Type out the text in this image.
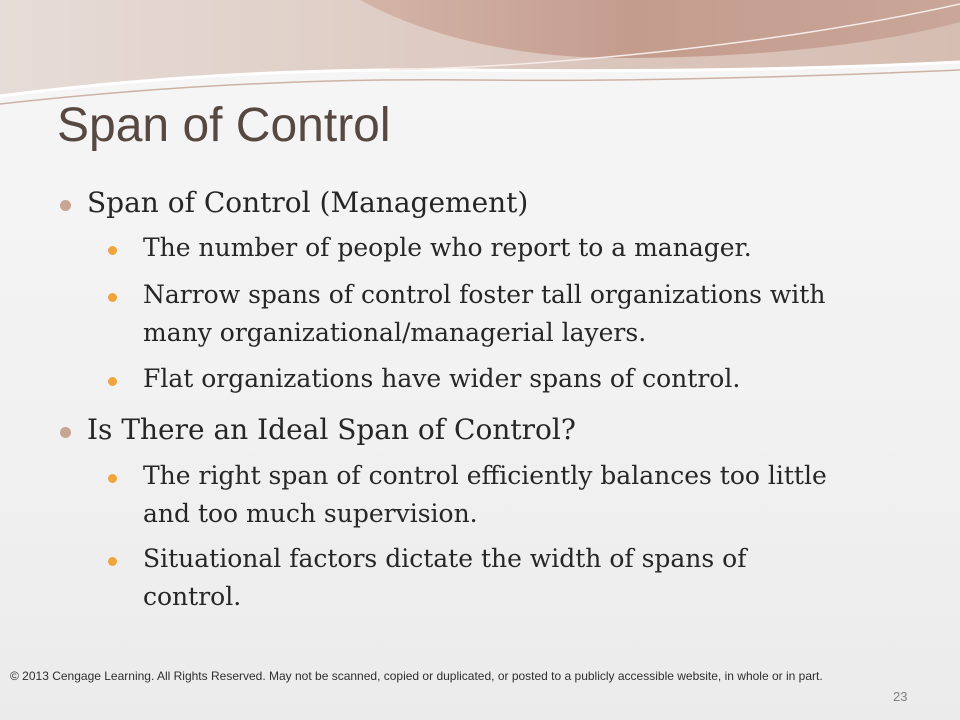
Span of Control
Span of Control (Management)
The number of people who report to a manager.
Narrow spans of control foster tall organizations with
many organizational/managerial layers.
Flat organizations have wider spans of control.
Is There an Ideal Span of Control?
The right span of control efficiently balances too little
and too much supervision.
Situational factors dictate the width of spans of
control.
© 2013 Cengage Learning. All Rights Reserved. May not be scanned, copied or duplicated, or posted to a publicly accessible website, in whole or in part.
23
